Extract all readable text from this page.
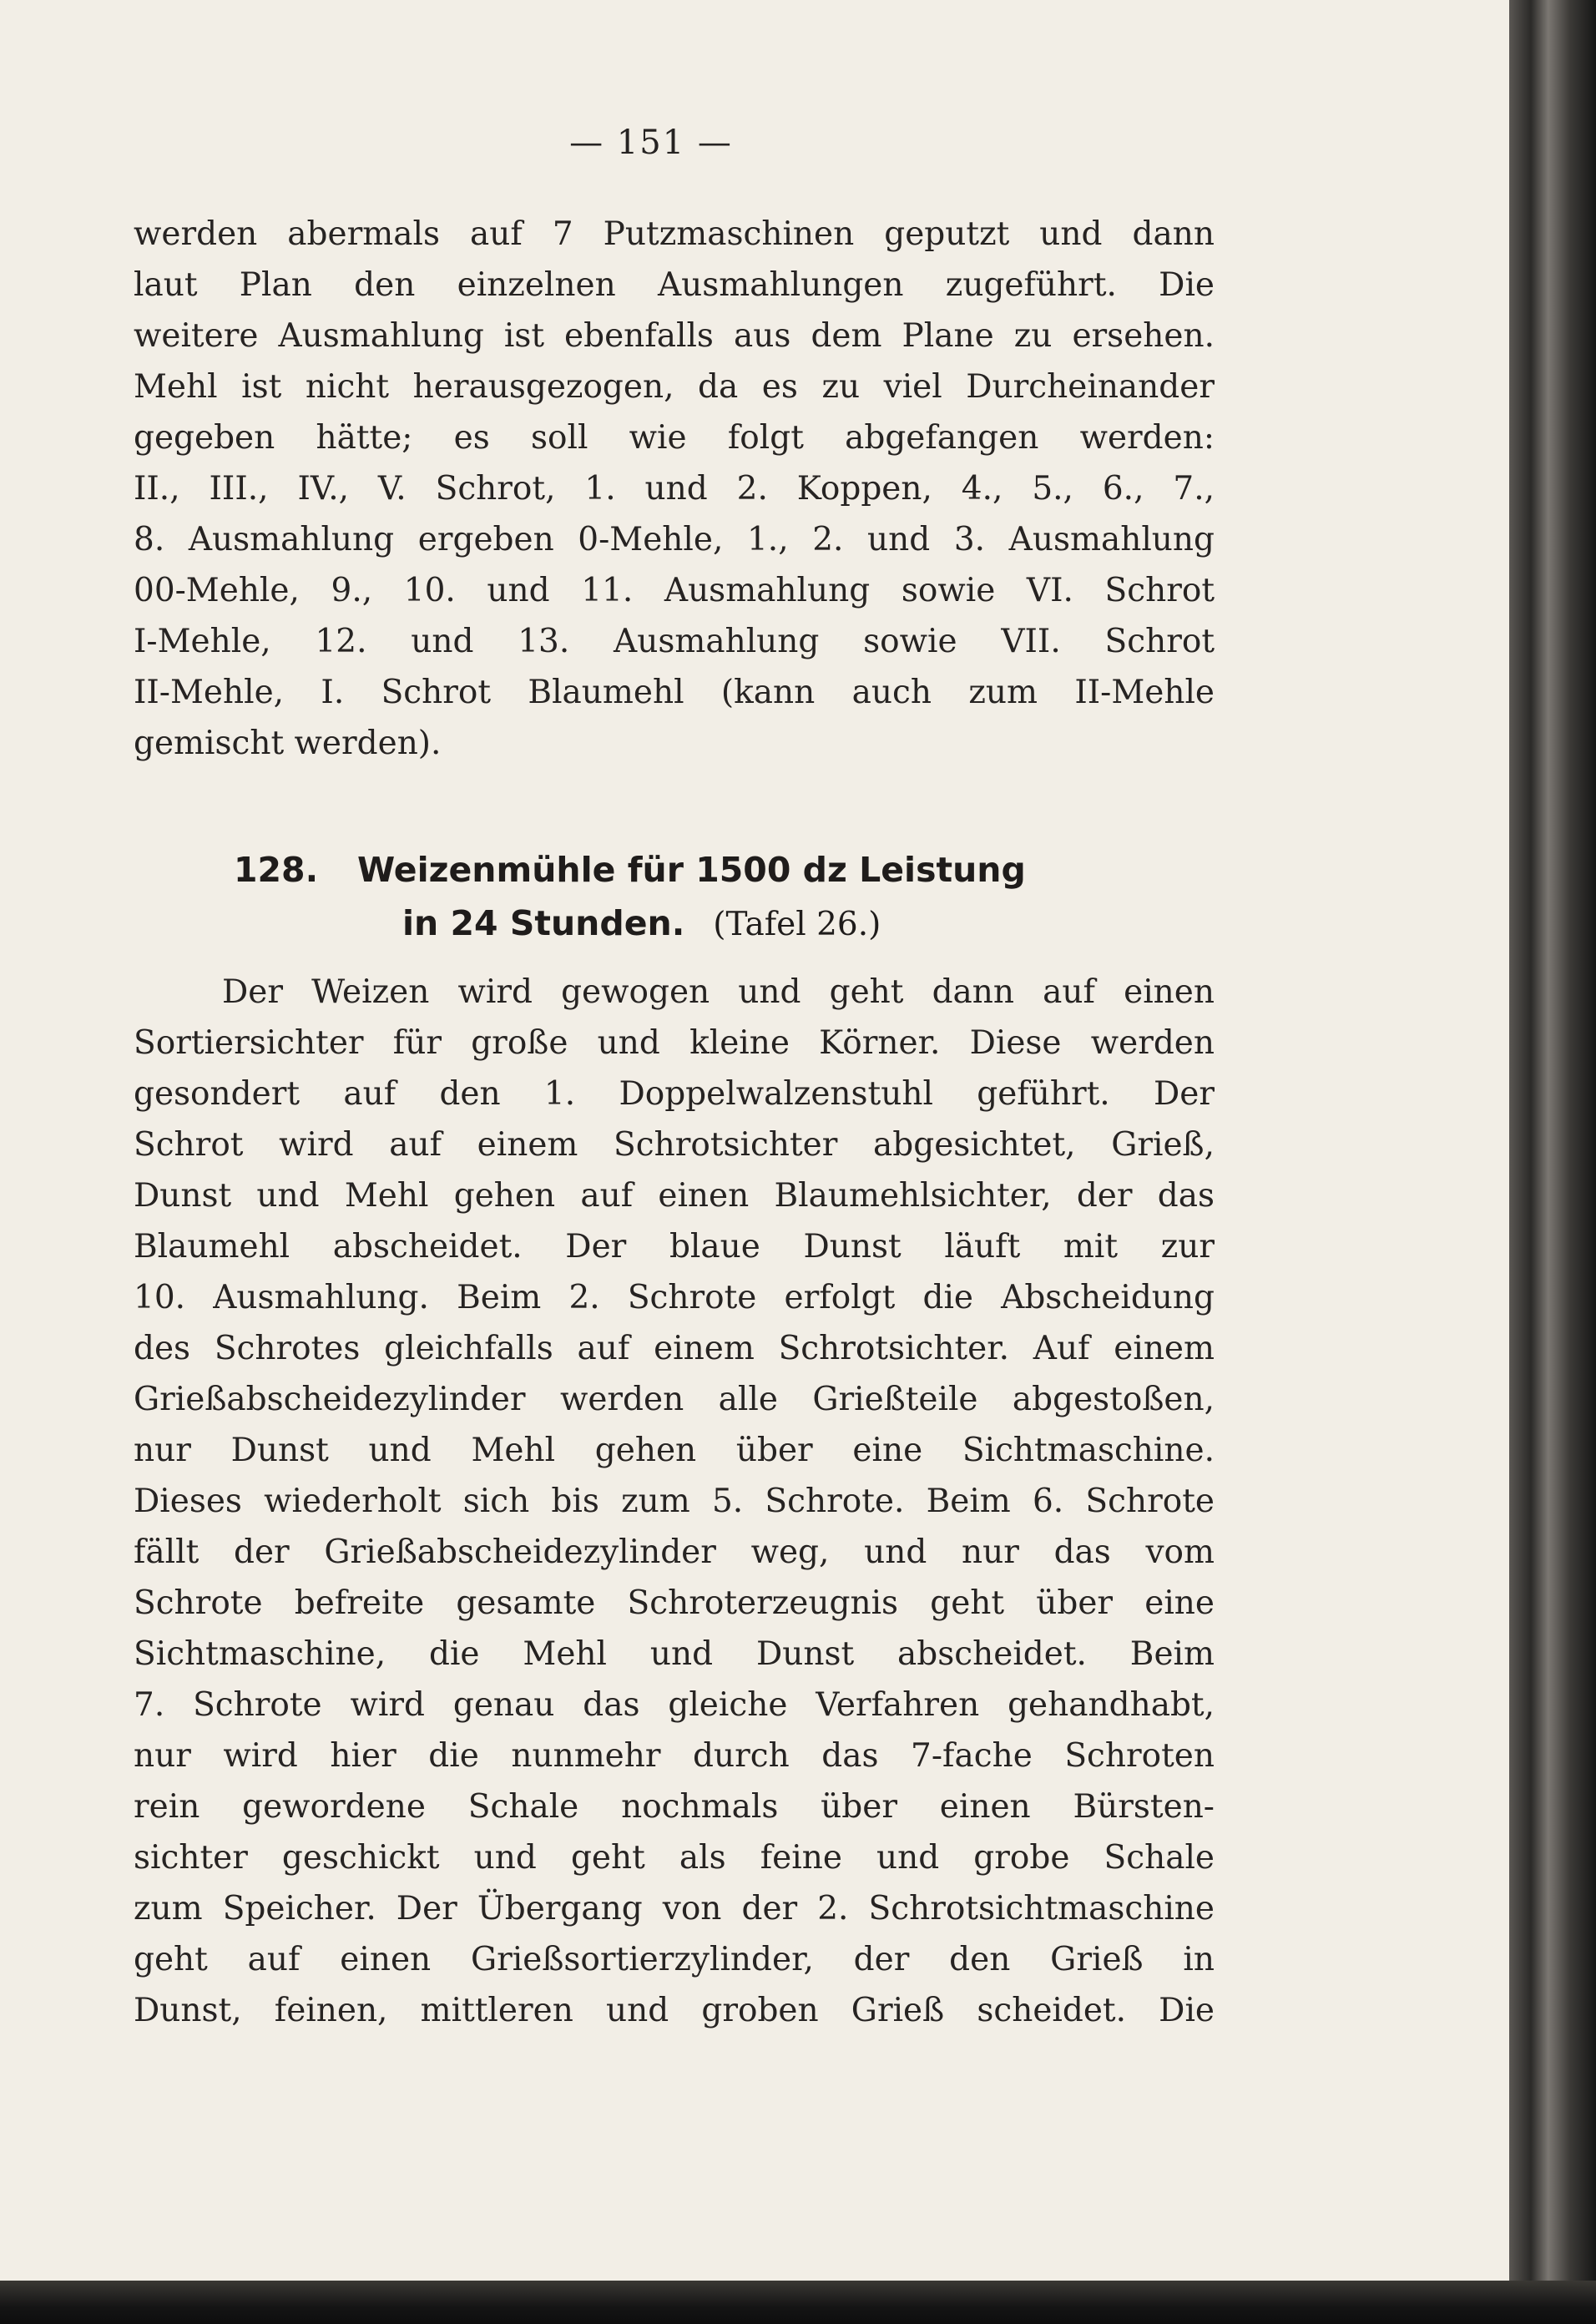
— 151 —
werden abermals auf 7 Putzmaschinen geputzt und dann
laut Plan den einzelnen Ausmahlungen zugeführt. Die
weitere Ausmahlung ist ebenfalls aus dem Plane zu ersehen.
Mehl ist nicht herausgezogen, da es zu viel Durcheinander
gegeben hätte; es soll wie folgt abgefangen werden:
II., III., IV., V. Schrot, 1. und 2. Koppen, 4., 5., 6., 7.,
8. Ausmahlung ergeben 0-Mehle, 1., 2. und 3. Ausmahlung
00-Mehle, 9., 10. und 11. Ausmahlung sowie VI. Schrot
I-Mehle, 12. und 13. Ausmahlung sowie VII. Schrot
II-Mehle, I. Schrot Blaumehl (kann auch zum II-Mehle
gemischt werden).
128. Weizenmühle für 1500 dz Leistung
in 24 Stunden. (Tafel 26.)
Der Weizen wird gewogen und geht dann auf einen
Sortiersichter für große und kleine Körner. Diese werden
gesondert auf den 1. Doppelwalzenstuhl geführt. Der
Schrot wird auf einem Schrotsichter abgesichtet, Grieß,
Dunst und Mehl gehen auf einen Blaumehlsichter, der das
Blaumehl abscheidet. Der blaue Dunst läuft mit zur
10. Ausmahlung. Beim 2. Schrote erfolgt die Abscheidung
des Schrotes gleichfalls auf einem Schrotsichter. Auf einem
Grießabscheidezylinder werden alle Grießteile abgestoßen,
nur Dunst und Mehl gehen über eine Sichtmaschine.
Dieses wiederholt sich bis zum 5. Schrote. Beim 6. Schrote
fällt der Grießabscheidezylinder weg, und nur das vom
Schrote befreite gesamte Schroterzeugnis geht über eine
Sichtmaschine, die Mehl und Dunst abscheidet. Beim
7. Schrote wird genau das gleiche Verfahren gehandhabt,
nur wird hier die nunmehr durch das 7-fache Schroten
rein gewordene Schale nochmals über einen Bürsten-
sichter geschickt und geht als feine und grobe Schale
zum Speicher. Der Übergang von der 2. Schrotsichtmaschine
geht auf einen Grießsortierzylinder, der den Grieß in
Dunst, feinen, mittleren und groben Grieß scheidet. Die
